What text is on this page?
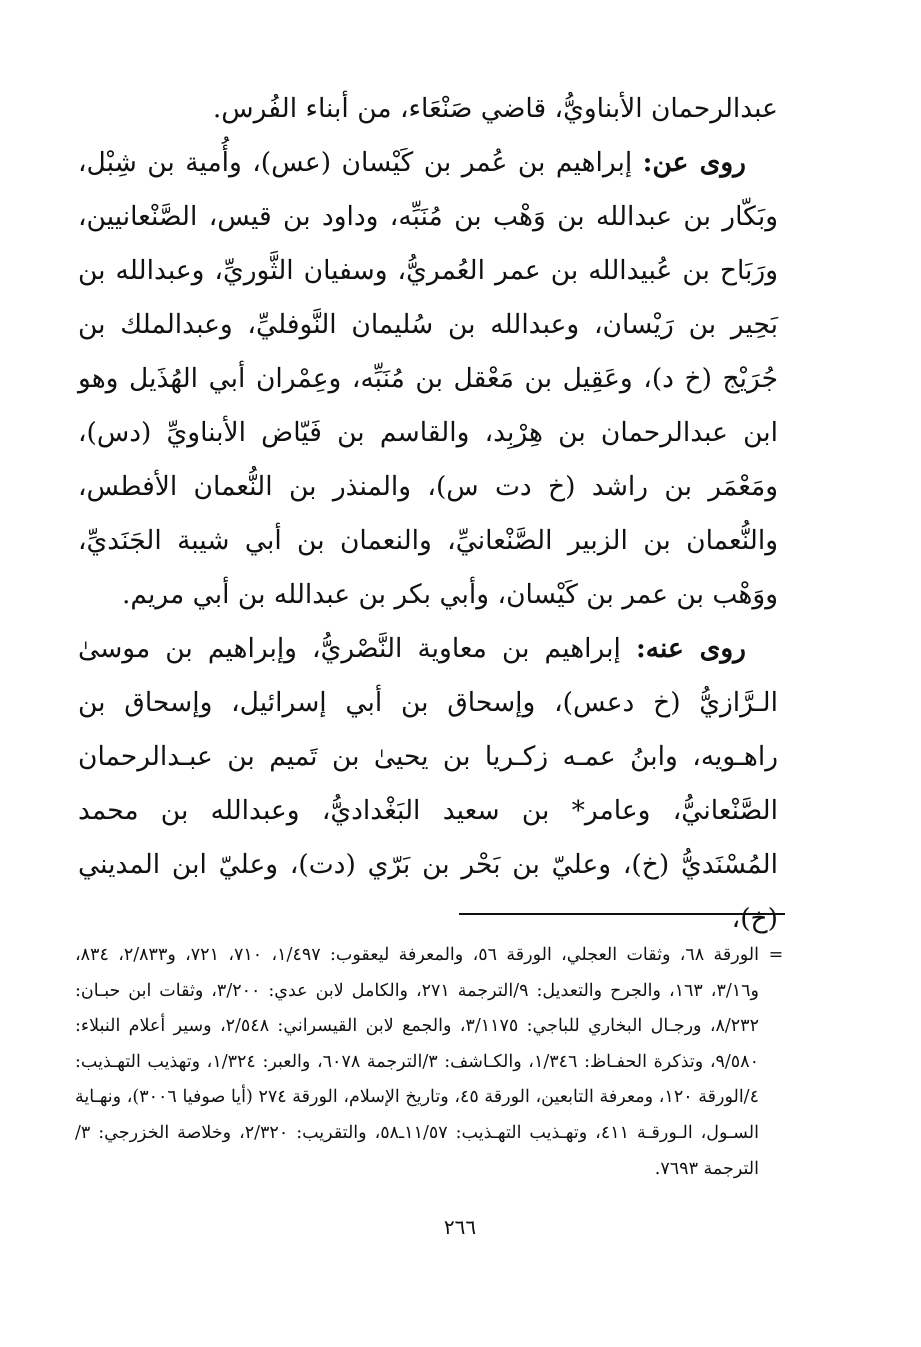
عبدالرحمان الأبناويُّ، قاضي صَنْعَاء، من أبناء الفُرس.

روى عن: إبراهيم بن عُمر بن كَيْسان (عس)، وأُمية بن شِبْل، وبَكّار بن عبدالله بن وَهْب بن مُنَبِّه، وداود بن قيس، الصَّنْعانيين، ورَبَاح بن عُبيدالله بن عمر العُمريُّ، وسفيان الثَّوريِّ، وعبدالله بن بَحِير بن رَيْسان، وعبدالله بن سُليمان النَّوفليِّ، وعبدالملك بن جُرَيْج (خ د)، وعَقِيل بن مَعْقل بن مُنَبِّه، وعِمْران أبي الهُذَيل وهو ابن عبدالرحمان بن هِرْبِد، والقاسم بن فَيّاض الأبناويِّ (دس)، ومَعْمَر بن راشد (خ دت س)، والمنذر بن النُّعمان الأفطس، والنُّعمان بن الزبير الصَّنْعانيِّ، والنعمان بن أبي شيبة الجَنَديِّ، ووَهْب بن عمر بن كَيْسان، وأبي بكر بن عبدالله بن أبي مريم.

روى عنه: إبراهيم بن معاوية النَّصْريُّ، وإبراهيم بن موسىٰ الـرَّازيُّ (خ دعس)، وإسحاق بن أبي إسرائيل، وإسحاق بن راهـويه، وابنُ عمـه زكـريا بن يحيىٰ بن تَميم بن عبـدالرحمان الصَّنْعانيُّ، وعامر* بن سعيد البَغْداديُّ، وعبدالله بن محمد المُسْنَديُّ (خ)، وعليّ بن بَحْر بن بَرّي (دت)، وعليّ ابن المديني (خ)،

=

الورقة ٦٨، وثقات العجلي، الورقة ٥٦، والمعرفة ليعقوب: ١/٤٩٧، ٧١٠، ٧٢١، و٢/٨٣٣، ٨٣٤، و٣/١٦، ١٦٣، والجرح والتعديل: ٩/الترجمة ٢٧١، والكامل لابن عدي: ٣/٢٠٠، وثقات ابن حبـان: ٨/٢٣٢، ورجـال البخاري للباجي: ٣/١١٧٥، والجمع لابن القيسراني: ٢/٥٤٨، وسير أعلام النبلاء: ٩/٥٨٠، وتذكرة الحفـاظ: ١/٣٤٦، والكـاشف: ٣/الترجمة ٦٠٧٨، والعبر: ١/٣٢٤، وتهذيب التهـذيب: ٤/الورقة ١٢٠، ومعرفة التابعين، الورقة ٤٥، وتاريخ الإسلام، الورقة ٢٧٤ (أيا صوفيا ٣٠٠٦)، ونهـاية السـول، الـورقـة ٤١١، وتهـذيب التهـذيب: ١١/٥٧ـ٥٨، والتقريب: ٢/٣٢٠، وخلاصة الخزرجي: ٣/الترجمة ٧٦٩٣.

٢٦٦
